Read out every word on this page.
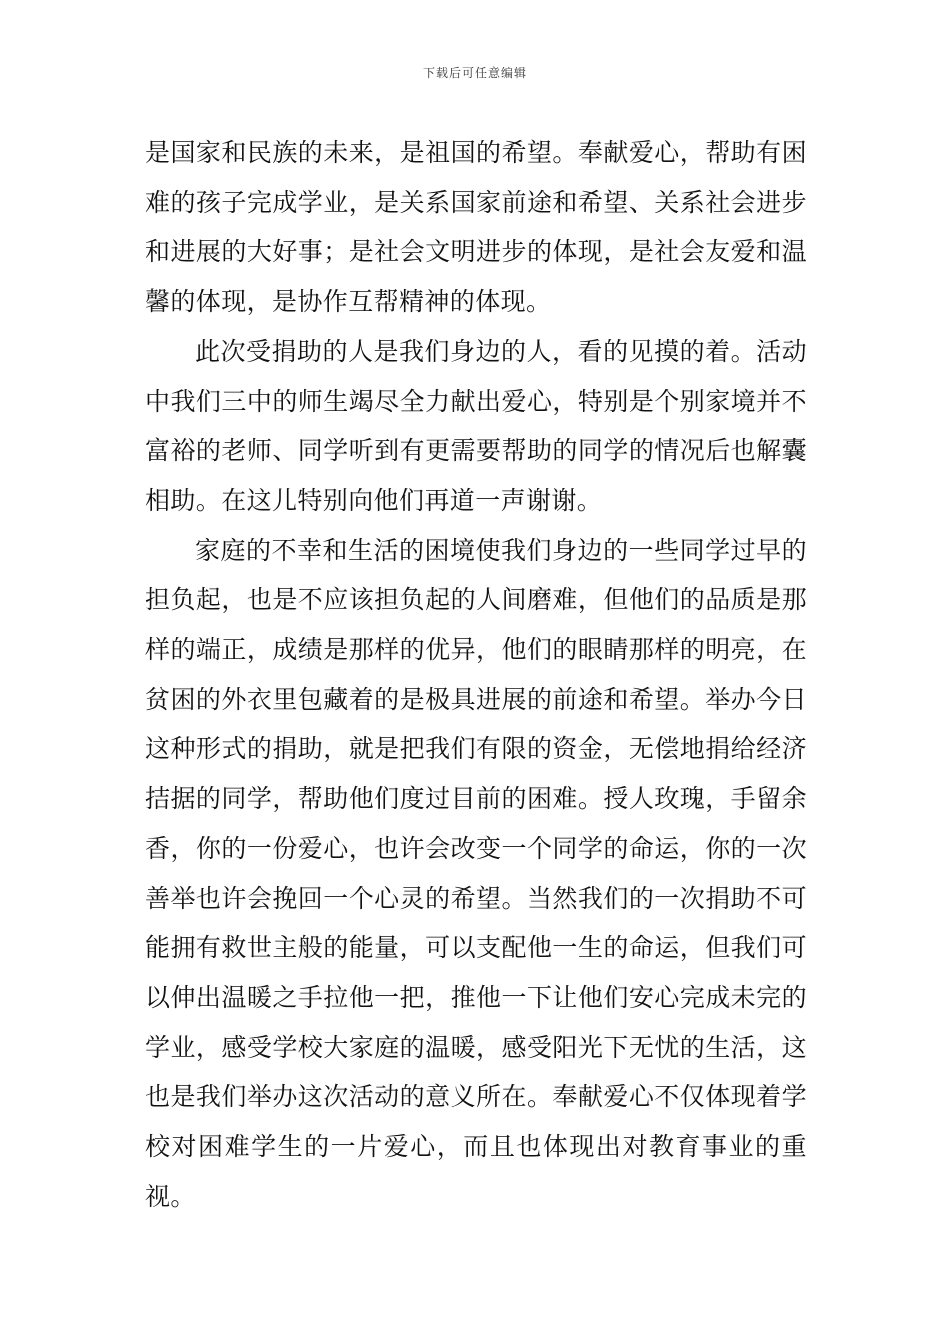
下载后可任意编辑

是国家和民族的未来，是祖国的希望。奉献爱心，帮助有困难的孩子完成学业，是关系国家前途和希望、关系社会进步和进展的大好事；是社会文明进步的体现，是社会友爱和温馨的体现，是协作互帮精神的体现。

此次受捐助的人是我们身边的人，看的见摸的着。活动中我们三中的师生竭尽全力献出爱心，特别是个别家境并不富裕的老师、同学听到有更需要帮助的同学的情况后也解囊相助。在这儿特别向他们再道一声谢谢。

家庭的不幸和生活的困境使我们身边的一些同学过早的担负起，也是不应该担负起的人间磨难，但他们的品质是那样的端正，成绩是那样的优异，他们的眼睛那样的明亮，在贫困的外衣里包藏着的是极具进展的前途和希望。举办今日这种形式的捐助，就是把我们有限的资金，无偿地捐给经济拮据的同学，帮助他们度过目前的困难。授人玫瑰，手留余香，你的一份爱心，也许会改变一个同学的命运，你的一次善举也许会挽回一个心灵的希望。当然我们的一次捐助不可能拥有救世主般的能量，可以支配他一生的命运，但我们可以伸出温暖之手拉他一把，推他一下让他们安心完成未完的学业，感受学校大家庭的温暖，感受阳光下无忧的生活，这也是我们举办这次活动的意义所在。奉献爱心不仅体现着学校对困难学生的一片爱心，而且也体现出对教育事业的重视。
